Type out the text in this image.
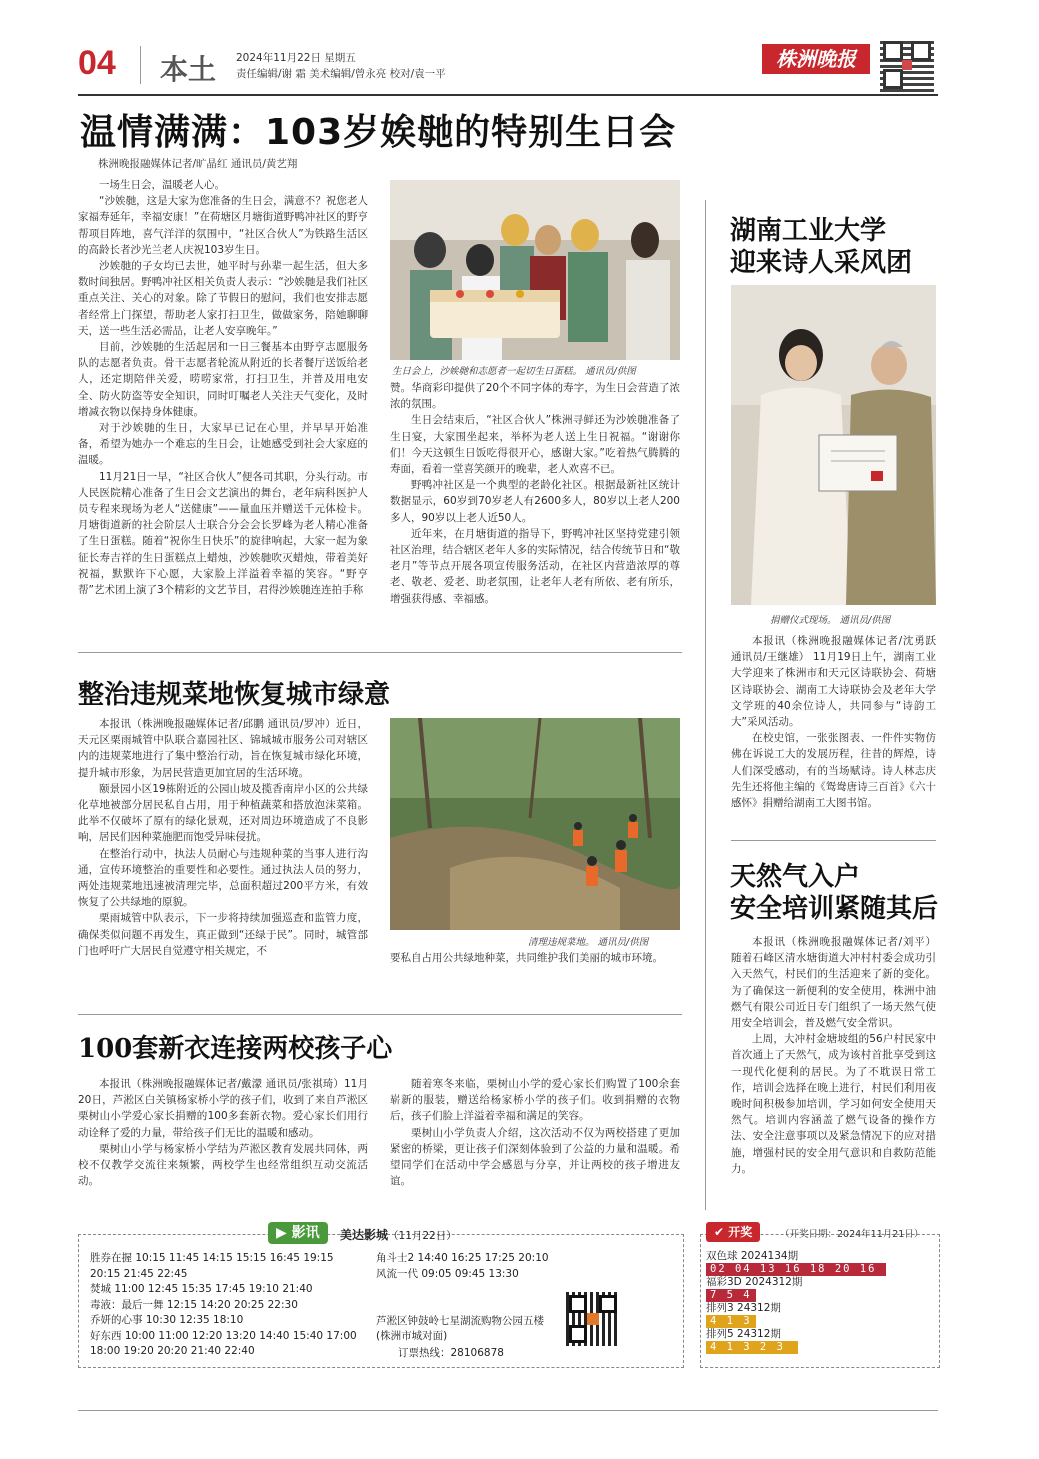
04 本土 2024年11月22日 星期五
责任编辑/谢 霜 美术编辑/曾永亮 校对/袁一平
株洲晚报
温情满满：103岁娭毑的特别生日会
株洲晚报融媒体记者/旷晶红 通讯员/黄艺翔

一场生日会，温暖老人心。

“沙娭毑，这是大家为您准备的生日会，满意不？祝您老人家福寿延年，幸福安康！”在荷塘区月塘街道野鸭冲社区的野亨帮项目阵地，喜气洋洋的氛围中，“社区合伙人”为铁路生活区的高龄长者沙光兰老人庆祝103岁生日。

沙娭毑的子女均已去世，她平时与孙辈一起生活，但大多数时间独居。野鸭冲社区相关负责人表示：“沙娭毑是我们社区重点关注、关心的对象。除了节假日的慰问，我们也安排志愿者经常上门探望，帮助老人家打扫卫生，做做家务，陪她聊聊天，送一些生活必需品，让老人安享晚年。”

目前，沙娭毑的生活起居和一日三餐基本由野亨志愿服务队的志愿者负责。骨干志愿者轮流从附近的长者餐厅送饭给老人，还定期陪伴关爱，唠唠家常，打扫卫生，并普及用电安全、防火防盗等安全知识，同时叮嘱老人关注天气变化，及时增减衣物以保持身体健康。

对于沙娭毑的生日，大家早已记在心里，并早早开始准备，希望为她办一个难忘的生日会，让她感受到社会大家庭的温暖。

11月21日一早，“社区合伙人”便各司其职，分头行动。市人民医院精心准备了生日会文艺演出的舞台，老年病科医护人员专程来现场为老人“送健康”——量血压并赠送千元体检卡。月塘街道新的社会阶层人士联合分会会长罗峰为老人精心准备了生日蛋糕。随着“祝你生日快乐”的旋律响起，大家一起为象征长寿吉祥的生日蛋糕点上蜡烛，沙娭毑吹灭蜡烛，带着美好祝福，默默许下心愿，大家脸上洋溢着幸福的笑容。“野亨帮”艺术团上演了3个精彩的文艺节目，君得沙娭毑连连拍手称

生日会上，沙娭毑和志愿者一起切生日蛋糕。 通讯员/供图

赞。华商彩印提供了20个不同字体的寿字，为生日会营造了浓浓的氛围。

生日会结束后，“社区合伙人”株洲寻鲜还为沙娭毑准备了生日宴，大家围坐起来，举杯为老人送上生日祝福。“谢谢你们！今天这顿生日饭吃得很开心，感谢大家。”吃着热气腾腾的寿面，看着一堂喜笑颜开的晚辈，老人欢喜不已。

野鸭冲社区是一个典型的老龄化社区。根据最新社区统计数据显示，60岁到70岁老人有2600多人，80岁以上老人200多人，90岁以上老人近50人。

近年来，在月塘街道的指导下，野鸭冲社区坚持党建引领社区治理，结合辖区老年人多的实际情况，结合传统节日和“敬老月”等节点开展各项宣传服务活动，在社区内营造浓厚的尊老、敬老、爱老、助老氛围，让老年人老有所依、老有所乐，增强获得感、幸福感。

整治违规菜地恢复城市绿意

本报讯（株洲晚报融媒体记者/邱鹏 通讯员/罗冲）近日，天元区栗雨城管中队联合嘉园社区、锦城城市服务公司对辖区内的违规菜地进行了集中整治行动，旨在恢复城市绿化环境，提升城市形象，为居民营造更加宜居的生活环境。

颐景园小区19栋附近的公园山坡及揽香南岸小区的公共绿化草地被部分居民私自占用，用于种植蔬菜和搭放泡沫菜箱。此举不仅破坏了原有的绿化景观，还对周边环境造成了不良影响，居民们因种菜施肥而饱受异味侵扰。

在整治行动中，执法人员耐心与违规种菜的当事人进行沟通，宣传环境整治的重要性和必要性。通过执法人员的努力，两处违规菜地迅速被清理完毕，总面积超过200平方米，有效恢复了公共绿地的原貌。

栗雨城管中队表示，下一步将持续加强巡查和监管力度，确保类似问题不再发生，真正做到“还绿于民”。同时，城管部门也呼吁广大居民自觉遵守相关规定，不

清理违规菜地。 通讯员/供图

要私自占用公共绿地种菜，共同维护我们美丽的城市环境。

100套新衣连接两校孩子心

本报讯（株洲晚报融媒体记者/戴濛 通讯员/张祺琦）11月20日，芦淞区白关镇杨家桥小学的孩子们，收到了来自芦淞区栗树山小学爱心家长捐赠的100多套新衣物。爱心家长们用行动诠释了爱的力量，带给孩子们无比的温暖和感动。

栗树山小学与杨家桥小学结为芦淞区教育发展共同体，两校不仅教学交流往来频繁，两校学生也经常组织互动交流活动。

随着寒冬来临，栗树山小学的爱心家长们购置了100余套崭新的服装，赠送给杨家桥小学的孩子们。收到捐赠的衣物后，孩子们脸上洋溢着幸福和满足的笑容。

栗树山小学负责人介绍，这次活动不仅为两校搭建了更加紧密的桥梁，更让孩子们深刻体验到了公益的力量和温暖。希望同学们在活动中学会感恩与分享，并让两校的孩子增进友谊。

湖南工业大学
迎来诗人采风团
捐赠仪式现场。 通讯员/供图

本报讯（株洲晚报融媒体记者/沈勇跃 通讯员/王继雄） 11月19日上午，湖南工业大学迎来了株洲市和天元区诗联协会、荷塘区诗联协会、湖南工大诗联协会及老年大学文学班的40余位诗人，共同参与“诗韵工大”采风活动。

在校史馆，一张张图表、一件件实物仿佛在诉说工大的发展历程，往昔的辉煌，诗人们深受感动，有的当场赋诗。诗人林志庆先生还将他主编的《鸳鸯唐诗三百首》《六十感怀》捐赠给湖南工大图书馆。

天然气入户
安全培训紧随其后

本报讯（株洲晚报融媒体记者/刘平） 随着石峰区清水塘街道大冲村村委会成功引入天然气，村民们的生活迎来了新的变化。为了确保这一新便利的安全使用，株洲中油燃气有限公司近日专门组织了一场天然气使用安全培训会，普及燃气安全常识。

上周，大冲村金塘坡组的56户村民家中首次通上了天然气，成为该村首批享受到这一现代化便利的居民。为了不耽误日常工作，培训会选择在晚上进行，村民们利用夜晚时间积极参加培训，学习如何安全使用天然气。培训内容涵盖了燃气设备的操作方法、安全注意事项以及紧急情况下的应对措施，增强村民的安全用气意识和自救防范能力。

▶ 影讯	美达影城（11月22日）
胜券在握 10:15 11:45 14:15 15:15 16:45 19:15 20:15 21:45 22:45
焚城 11:00 12:45 15:35 17:45 19:10 21:40
毒液：最后一舞 12:15 14:20 20:25 22:30
乔妍的心事 10:30 12:35 18:10
好东西 10:00 11:00 12:20 13:20 14:40 15:40 17:00 18:00 19:20 20:20 21:40 22:40
角斗士2 14:40 16:25 17:25 20:10
风流一代 09:05 09:45 13:30
芦淞区钟鼓岭七星湖流购物公园五楼(株洲市城对面)
订票热线：28106878
✔ 开奖	（开奖日期：2024年11月21日）
双色球 2024134期
02 04 13 16 18 20 16
福彩3D 2024312期
7 5 4
排列3 24312期
4 1 3
排列5 24312期
4 1 3 2 3
